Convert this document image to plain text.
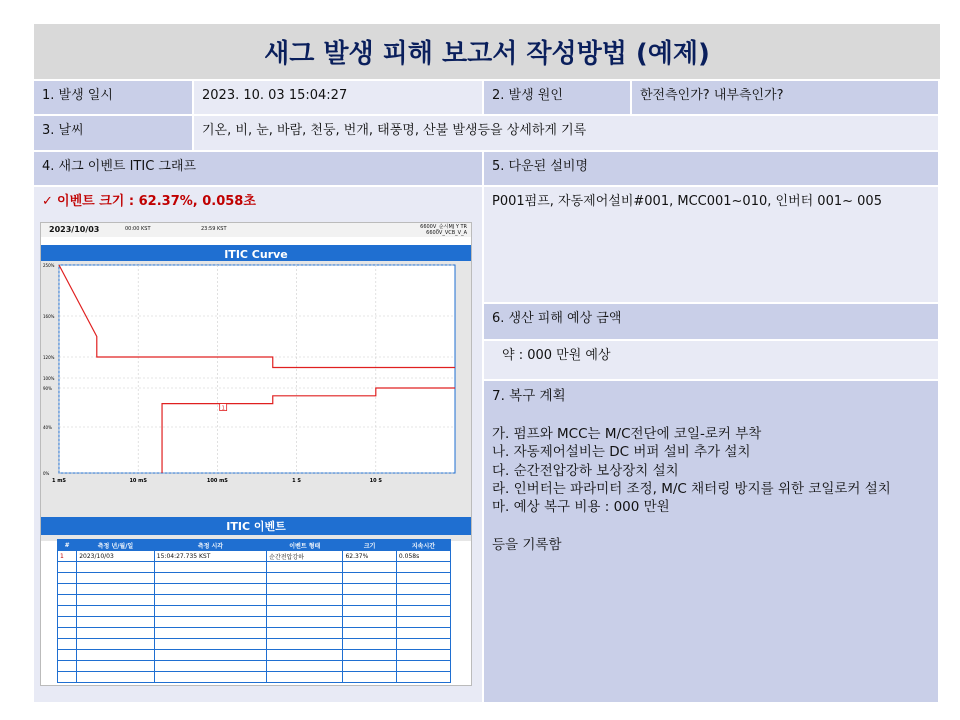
새그 발생 피해 보고서 작성방법 (예제)
1. 발생 일시	2023. 10. 03 15:04:27	2. 발생 원인	한전측인가? 내부측인가?
3. 날씨	기온, 비, 눈, 바람, 천둥, 번개, 태풍명, 산불 발생등을 상세하게 기록
4. 새그 이벤트 ITIC 그래프	5. 다운된 설비명
✓ 이벤트 크기 : 62.37%, 0.058초
2023/10/03	00:00 KST	23:59 KST	6600V_순시MJ Y TR
6600V_VCB_V_A
ITIC Curve
250%
160%
120%
100%
90%
40%
0%
1 mS	10 mS	100 mS	1 S	10 S
1
ITIC 이벤트
#	측정 년/월/일	측정 시각	이벤트 형태	크기	지속시간
1	2023/10/03	15:04:27.735 KST	순간전압강하	62.37%	0.058s

P001펌프, 자동제어설비#001, MCC001~010, 인버터 001~ 005
6. 생산 피해 예상 금액
약 : 000 만원 예상
7. 복구 계획
가. 펌프와 MCC는 M/C전단에 코일-로커 부착
나. 자동제어설비는 DC 버퍼 설비 추가 설치
다. 순간전압강하 보상장치 설치
라. 인버터는 파라미터 조정, M/C 채터링 방지를 위한 코일로커 설치
마. 예상 복구 비용 : 000 만원
등을 기록함
